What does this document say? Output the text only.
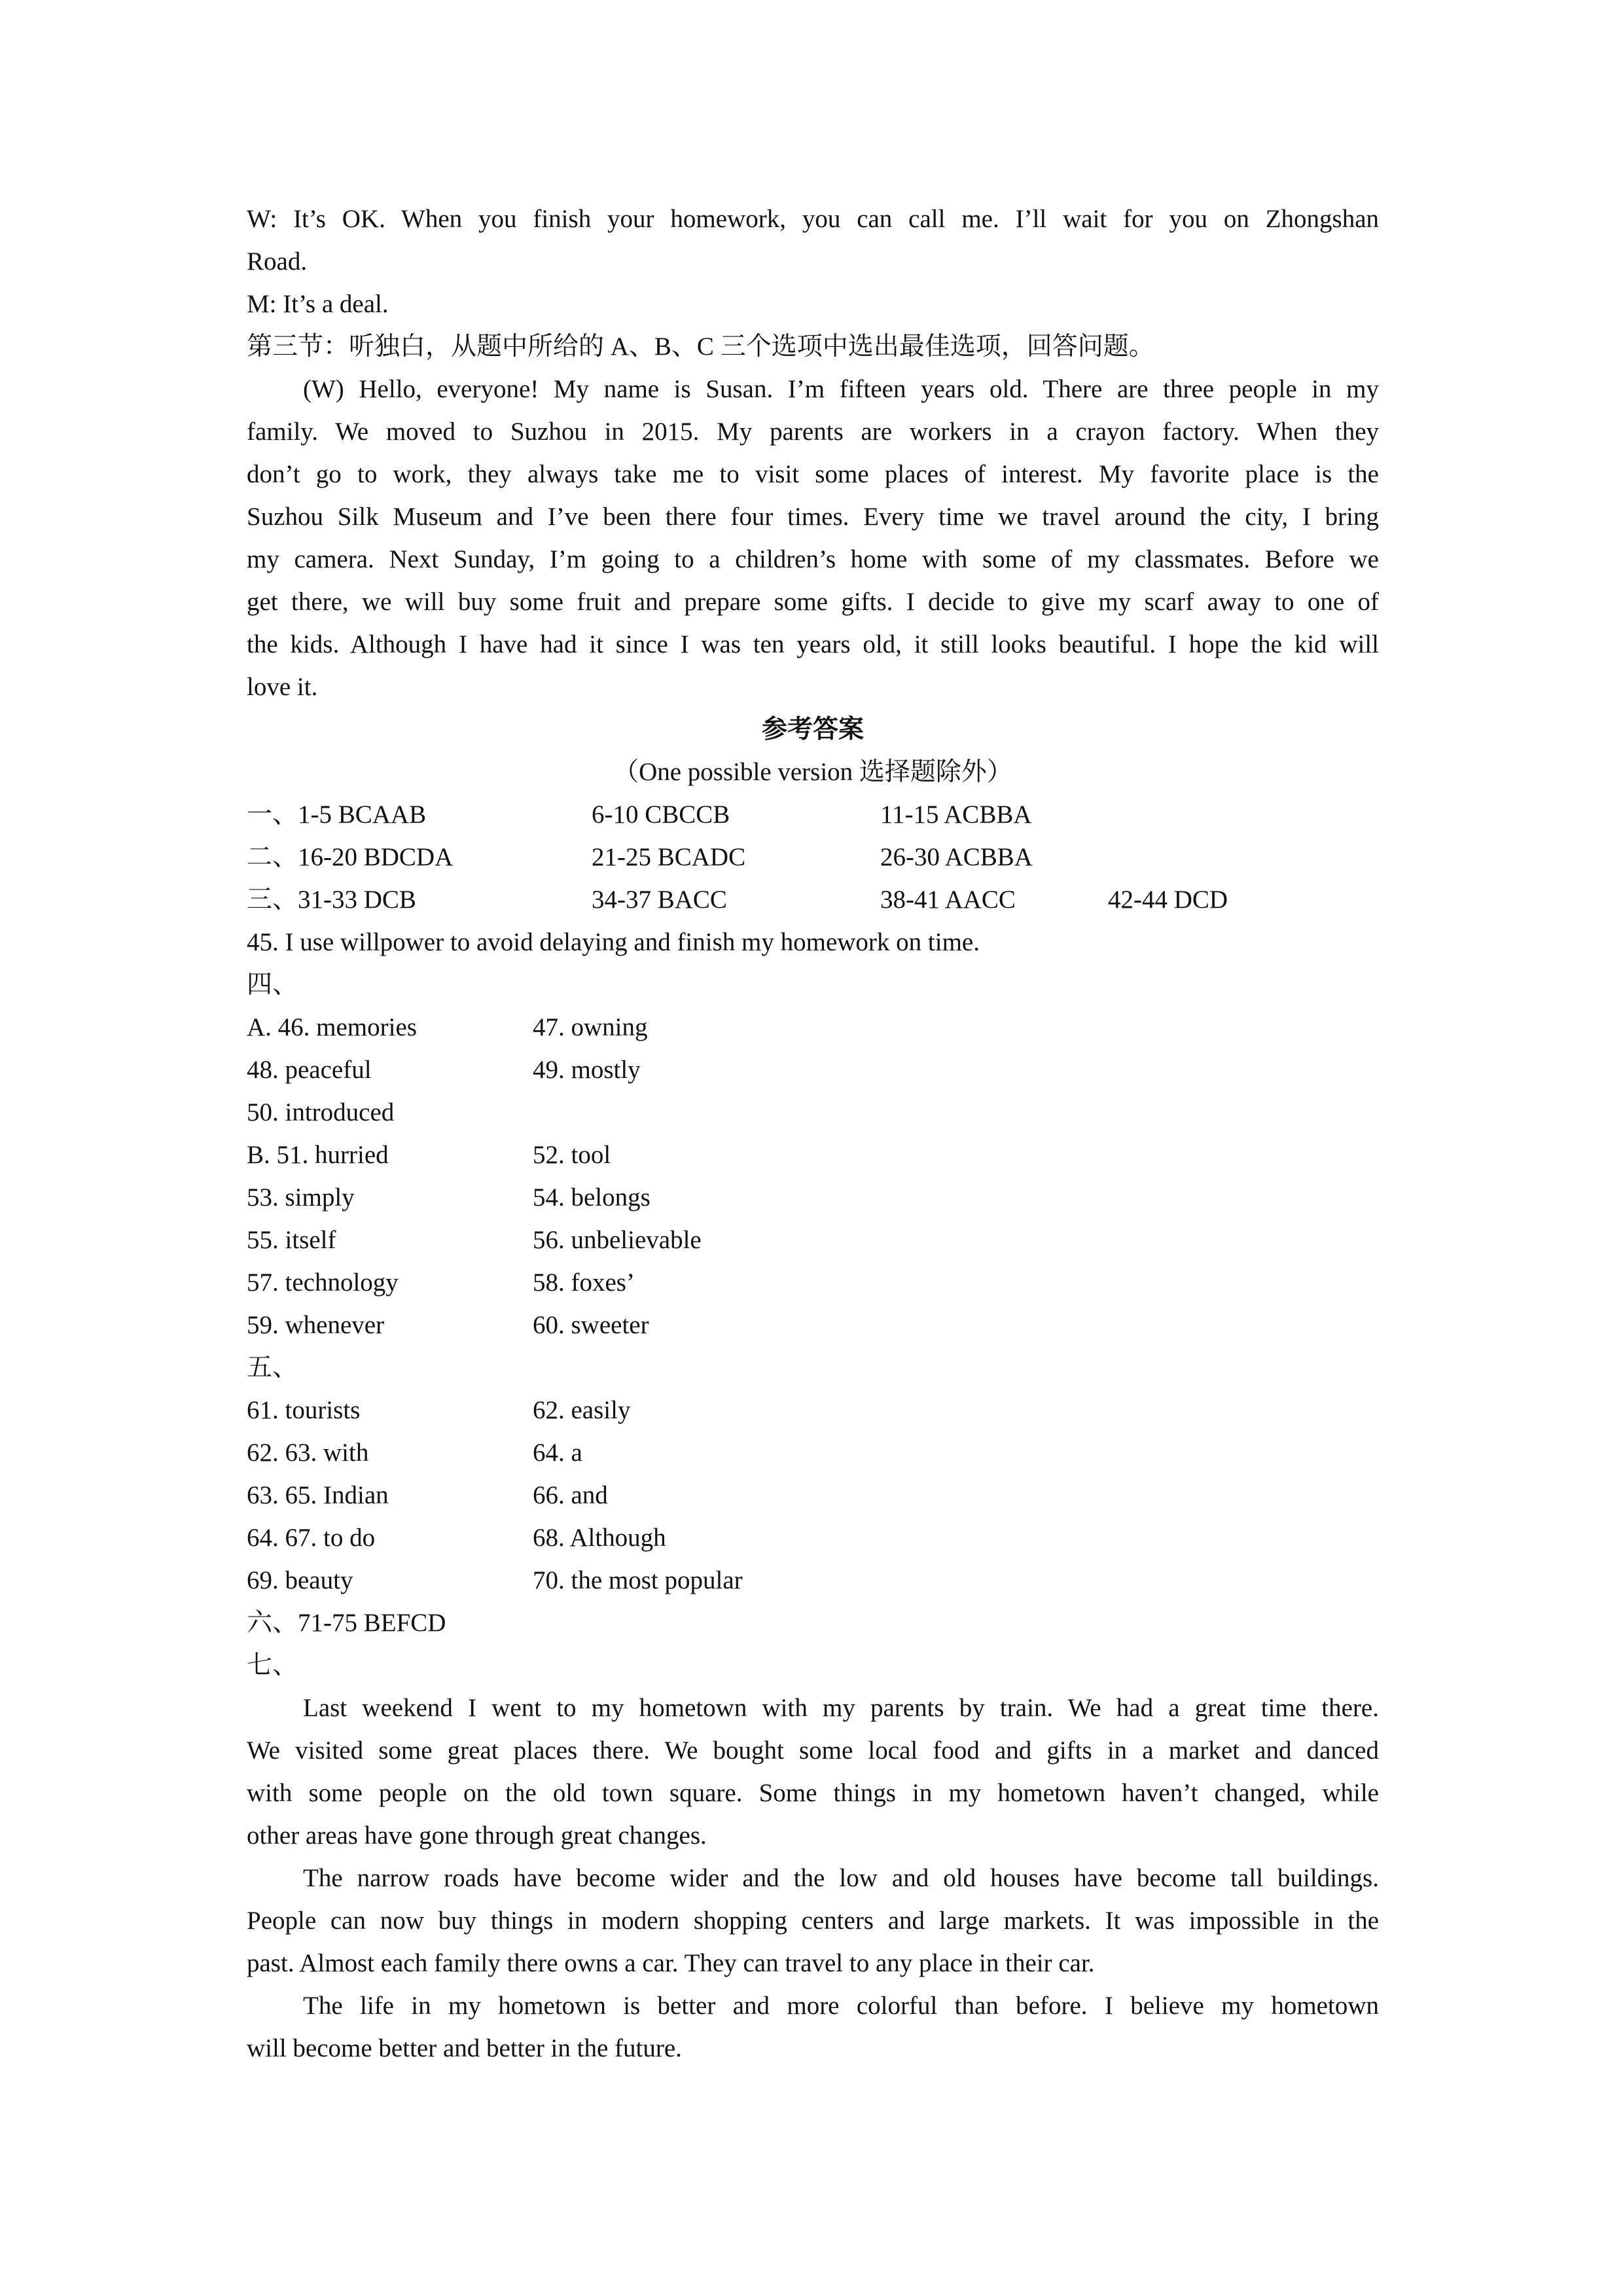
W: It’s OK. When you finish your homework, you can call me. I’ll wait for you on Zhongshan
Road.
M: It’s a deal.
第三节：听独白，从题中所给的 A、B、C 三个选项中选出最佳选项，回答问题。
(W) Hello, everyone! My name is Susan. I’m fifteen years old. There are three people in my
family. We moved to Suzhou in 2015. My parents are workers in a crayon factory. When they
don’t go to work, they always take me to visit some places of interest. My favorite place is the
Suzhou Silk Museum and I’ve been there four times. Every time we travel around the city, I bring
my camera. Next Sunday, I’m going to a children’s home with some of my classmates. Before we
get there, we will buy some fruit and prepare some gifts. I decide to give my scarf away to one of
the kids. Although I have had it since I was ten years old, it still looks beautiful. I hope the kid will
love it.
参考答案
（One possible version 选择题除外）
一、1-5 BCAAB	6-10 CBCCB	11-15 ACBBA
二、16-20 BDCDA	21-25 BCADC	26-30 ACBBA
三、31-33 DCB	34-37 BACC	38-41 AACC	42-44 DCD
45. I use willpower to avoid delaying and finish my homework on time.
四、
A. 46. memories	47. owning
48. peaceful	49. mostly
50. introduced
B. 51. hurried	52. tool
53. simply	54. belongs
55. itself	56. unbelievable
57. technology	58. foxes’
59. whenever	60. sweeter
五、
61. tourists	62. easily
62. 63. with	64. a
63. 65. Indian	66. and
64. 67. to do	68. Although
69. beauty	70. the most popular
六、71-75 BEFCD
七、
Last weekend I went to my hometown with my parents by train. We had a great time there.
We visited some great places there. We bought some local food and gifts in a market and danced
with some people on the old town square. Some things in my hometown haven’t changed, while
other areas have gone through great changes.
The narrow roads have become wider and the low and old houses have become tall buildings.
People can now buy things in modern shopping centers and large markets. It was impossible in the
past. Almost each family there owns a car. They can travel to any place in their car.
The life in my hometown is better and more colorful than before. I believe my hometown
will become better and better in the future.
